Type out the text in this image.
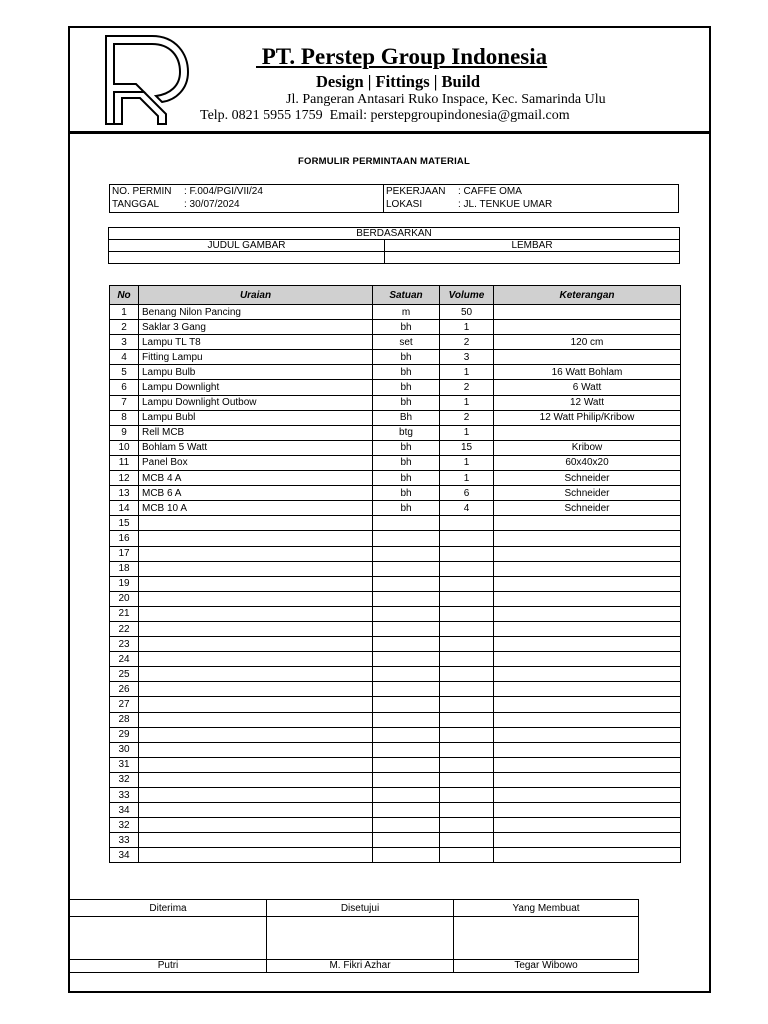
PT. Perstep Group Indonesia
Design | Fittings | Build
Jl. Pangeran Antasari Ruko Inspace, Kec. Samarinda Ulu
Telp. 0821 5955 1759  Email: perstepgroupindonesia@gmail.com
FORMULIR PERMINTAAN MATERIAL
NO. PERMIN : F.004/PGI/VII/24
TANGGAL : 30/07/2024
PEKERJAAN : CAFFE OMA
LOKASI	: JL. TENKUE UMAR
BERDASARKAN	
JUDUL GAMBAR	LEMBAR

No	Uraian	Satuan	Volume	Keterangan
1	Benang Nilon Pancing	m	50	
2	Saklar 3 Gang	bh	1	
3	Lampu TL T8	set	2	120 cm
4	Fitting Lampu	bh	3	
5	Lampu Bulb	bh	1	16 Watt Bohlam
6	Lampu Downlight	bh	2	6 Watt
7	Lampu Downlight Outbow	bh	1	12 Watt
8	Lampu Bubl	Bh	2	12 Watt Philip/Kribow
9	Rell MCB	btg	1	
10	Bohlam 5 Watt	bh	15	Kribow
11	Panel Box	bh	1	60x40x20
12	MCB 4 A	bh	1	Schneider
13	MCB 6 A	bh	6	Schneider
14	MCB 10 A	bh	4	Schneider
15				
16				
17				
18				
19				
20				
21				
22				
23				
24				
25				
26				
27				
28				
29				
30				
31				
32				
33				
34				
32				
33				
34				
Diterima	Disetujui	Yang Membuat

Putri	M. Fikri Azhar	Tegar Wibowo
